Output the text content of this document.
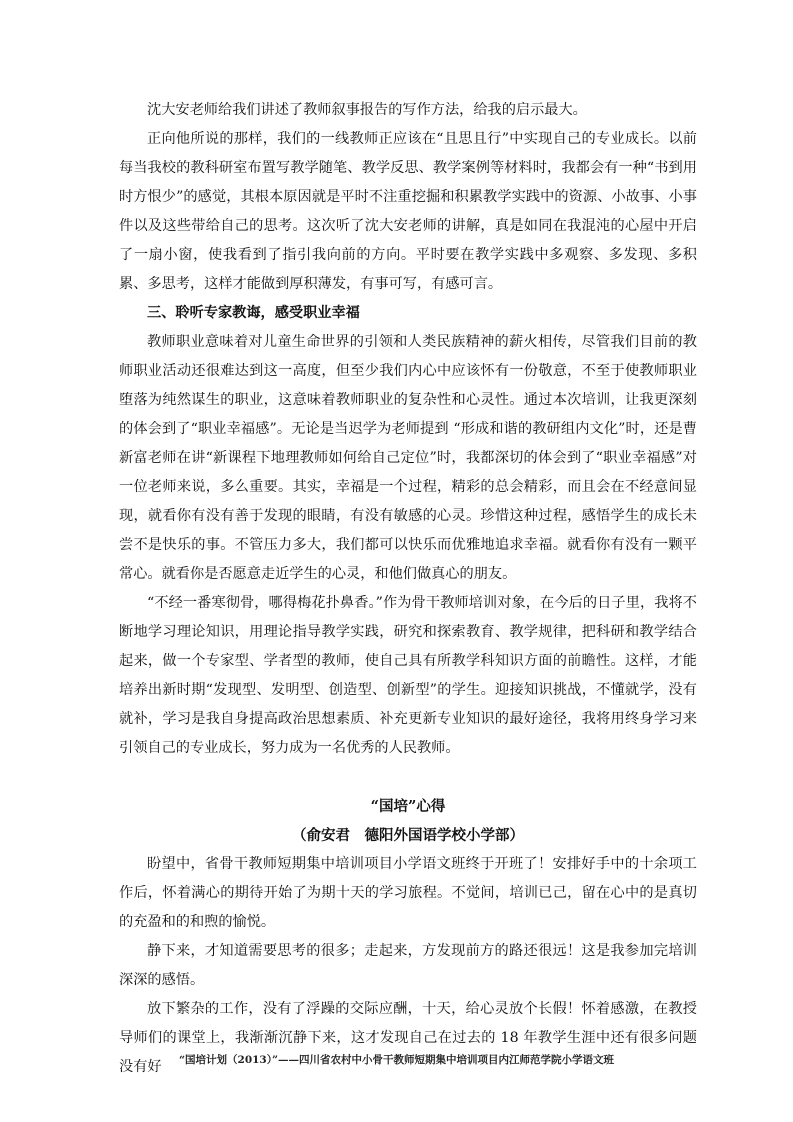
沈大安老师给我们讲述了教师叙事报告的写作方法，给我的启示最大。

正向他所说的那样，我们的一线教师正应该在“且思且行”中实现自己的专业成长。以前每当我校的教科研室布置写教学随笔、教学反思、教学案例等材料时，我都会有一种“书到用时方恨少”的感觉，其根本原因就是平时不注重挖掘和积累教学实践中的资源、小故事、小事件以及这些带给自己的思考。这次听了沈大安老师的讲解，真是如同在我混沌的心屋中开启了一扇小窗，使我看到了指引我向前的方向。平时要在教学实践中多观察、多发现、多积累、多思考，这样才能做到厚积薄发，有事可写，有感可言。

三、聆听专家教诲，感受职业幸福

教师职业意味着对儿童生命世界的引领和人类民族精神的薪火相传，尽管我们目前的教师职业活动还很难达到这一高度，但至少我们内心中应该怀有一份敬意，不至于使教师职业堕落为纯然谋生的职业，这意味着教师职业的复杂性和心灵性。通过本次培训，让我更深刻的体会到了“职业幸福感”。无论是当迟学为老师提到 “形成和谐的教研组内文化”时，还是曹新富老师在讲“新课程下地理教师如何给自己定位”时，我都深切的体会到了“职业幸福感”对一位老师来说，多么重要。其实，幸福是一个过程，精彩的总会精彩，而且会在不经意间显现，就看你有没有善于发现的眼睛，有没有敏感的心灵。珍惜这种过程，感悟学生的成长未尝不是快乐的事。不管压力多大，我们都可以快乐而优雅地追求幸福。就看你有没有一颗平常心。就看你是否愿意走近学生的心灵，和他们做真心的朋友。

“不经一番寒彻骨，哪得梅花扑鼻香。”作为骨干教师培训对象，在今后的日子里，我将不断地学习理论知识，用理论指导教学实践，研究和探索教育、教学规律，把科研和教学结合起来，做一个专家型、学者型的教师，使自己具有所教学科知识方面的前瞻性。这样，才能培养出新时期“发现型、发明型、创造型、创新型”的学生。迎接知识挑战，不懂就学，没有就补，学习是我自身提高政治思想素质、补充更新专业知识的最好途径，我将用终身学习来引领自己的专业成长，努力成为一名优秀的人民教师。

“国培”心得

（俞安君　德阳外国语学校小学部）

盼望中，省骨干教师短期集中培训项目小学语文班终于开班了！安排好手中的十余项工作后，怀着满心的期待开始了为期十天的学习旅程。不觉间，培训已己，留在心中的是真切的充盈和的和煦的愉悦。

静下来，才知道需要思考的很多；走起来，方发现前方的路还很远！这是我参加完培训深深的感悟。

放下繁杂的工作，没有了浮躁的交际应酬，十天，给心灵放个长假！怀着感激，在教授导师们的课堂上，我渐渐沉静下来，这才发现自己在过去的 18 年教学生涯中还有很多问题没有好	“国培计划（2013）”——四川省农村中小骨干教师短期集中培训项目内江师范学院小学语文班
